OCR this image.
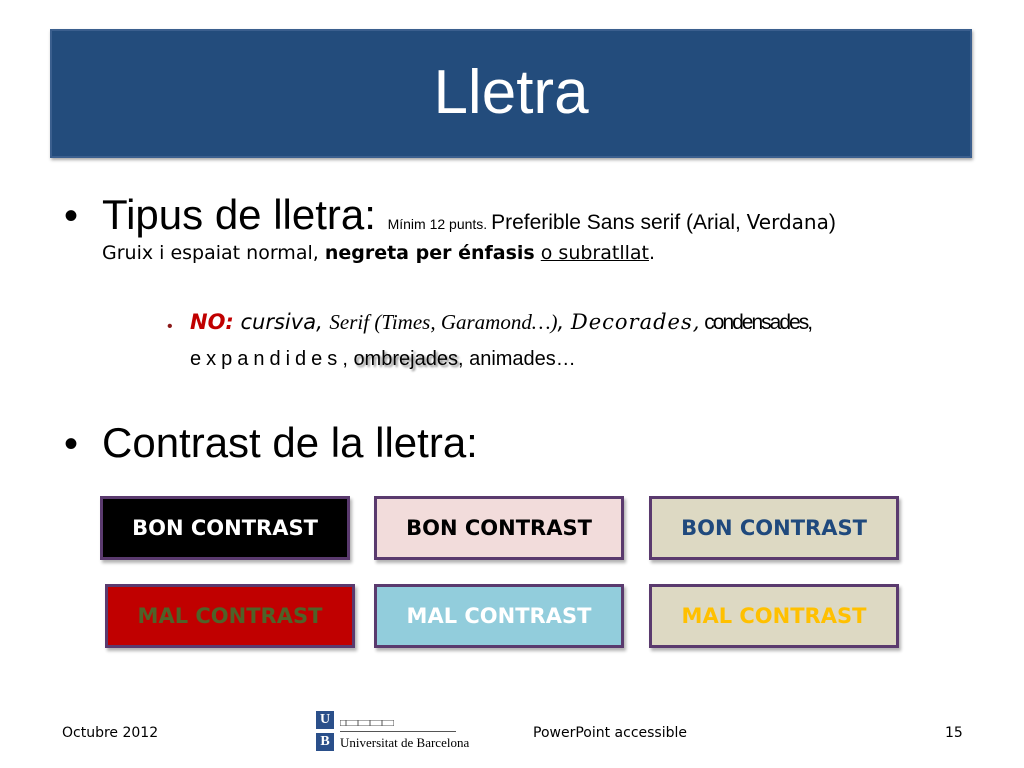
Lletra
• Tipus de lletra: Mínim 12 punts. Preferible Sans serif (Arial, Verdana)
Gruix i espaiat normal, negreta per énfasis o subratllat.
• NO: cursiva, Serif (Times, Garamond…), Decorades, condensades,
expandides, ombrejades, animades…
• Contrast de la lletra:
BON CONTRAST	BON CONTRAST	BON CONTRAST
MAL CONTRAST	MAL CONTRAST	MAL CONTRAST
Octubre 2012
U
B Universitat de Barcelona
PowerPoint accessible	15
